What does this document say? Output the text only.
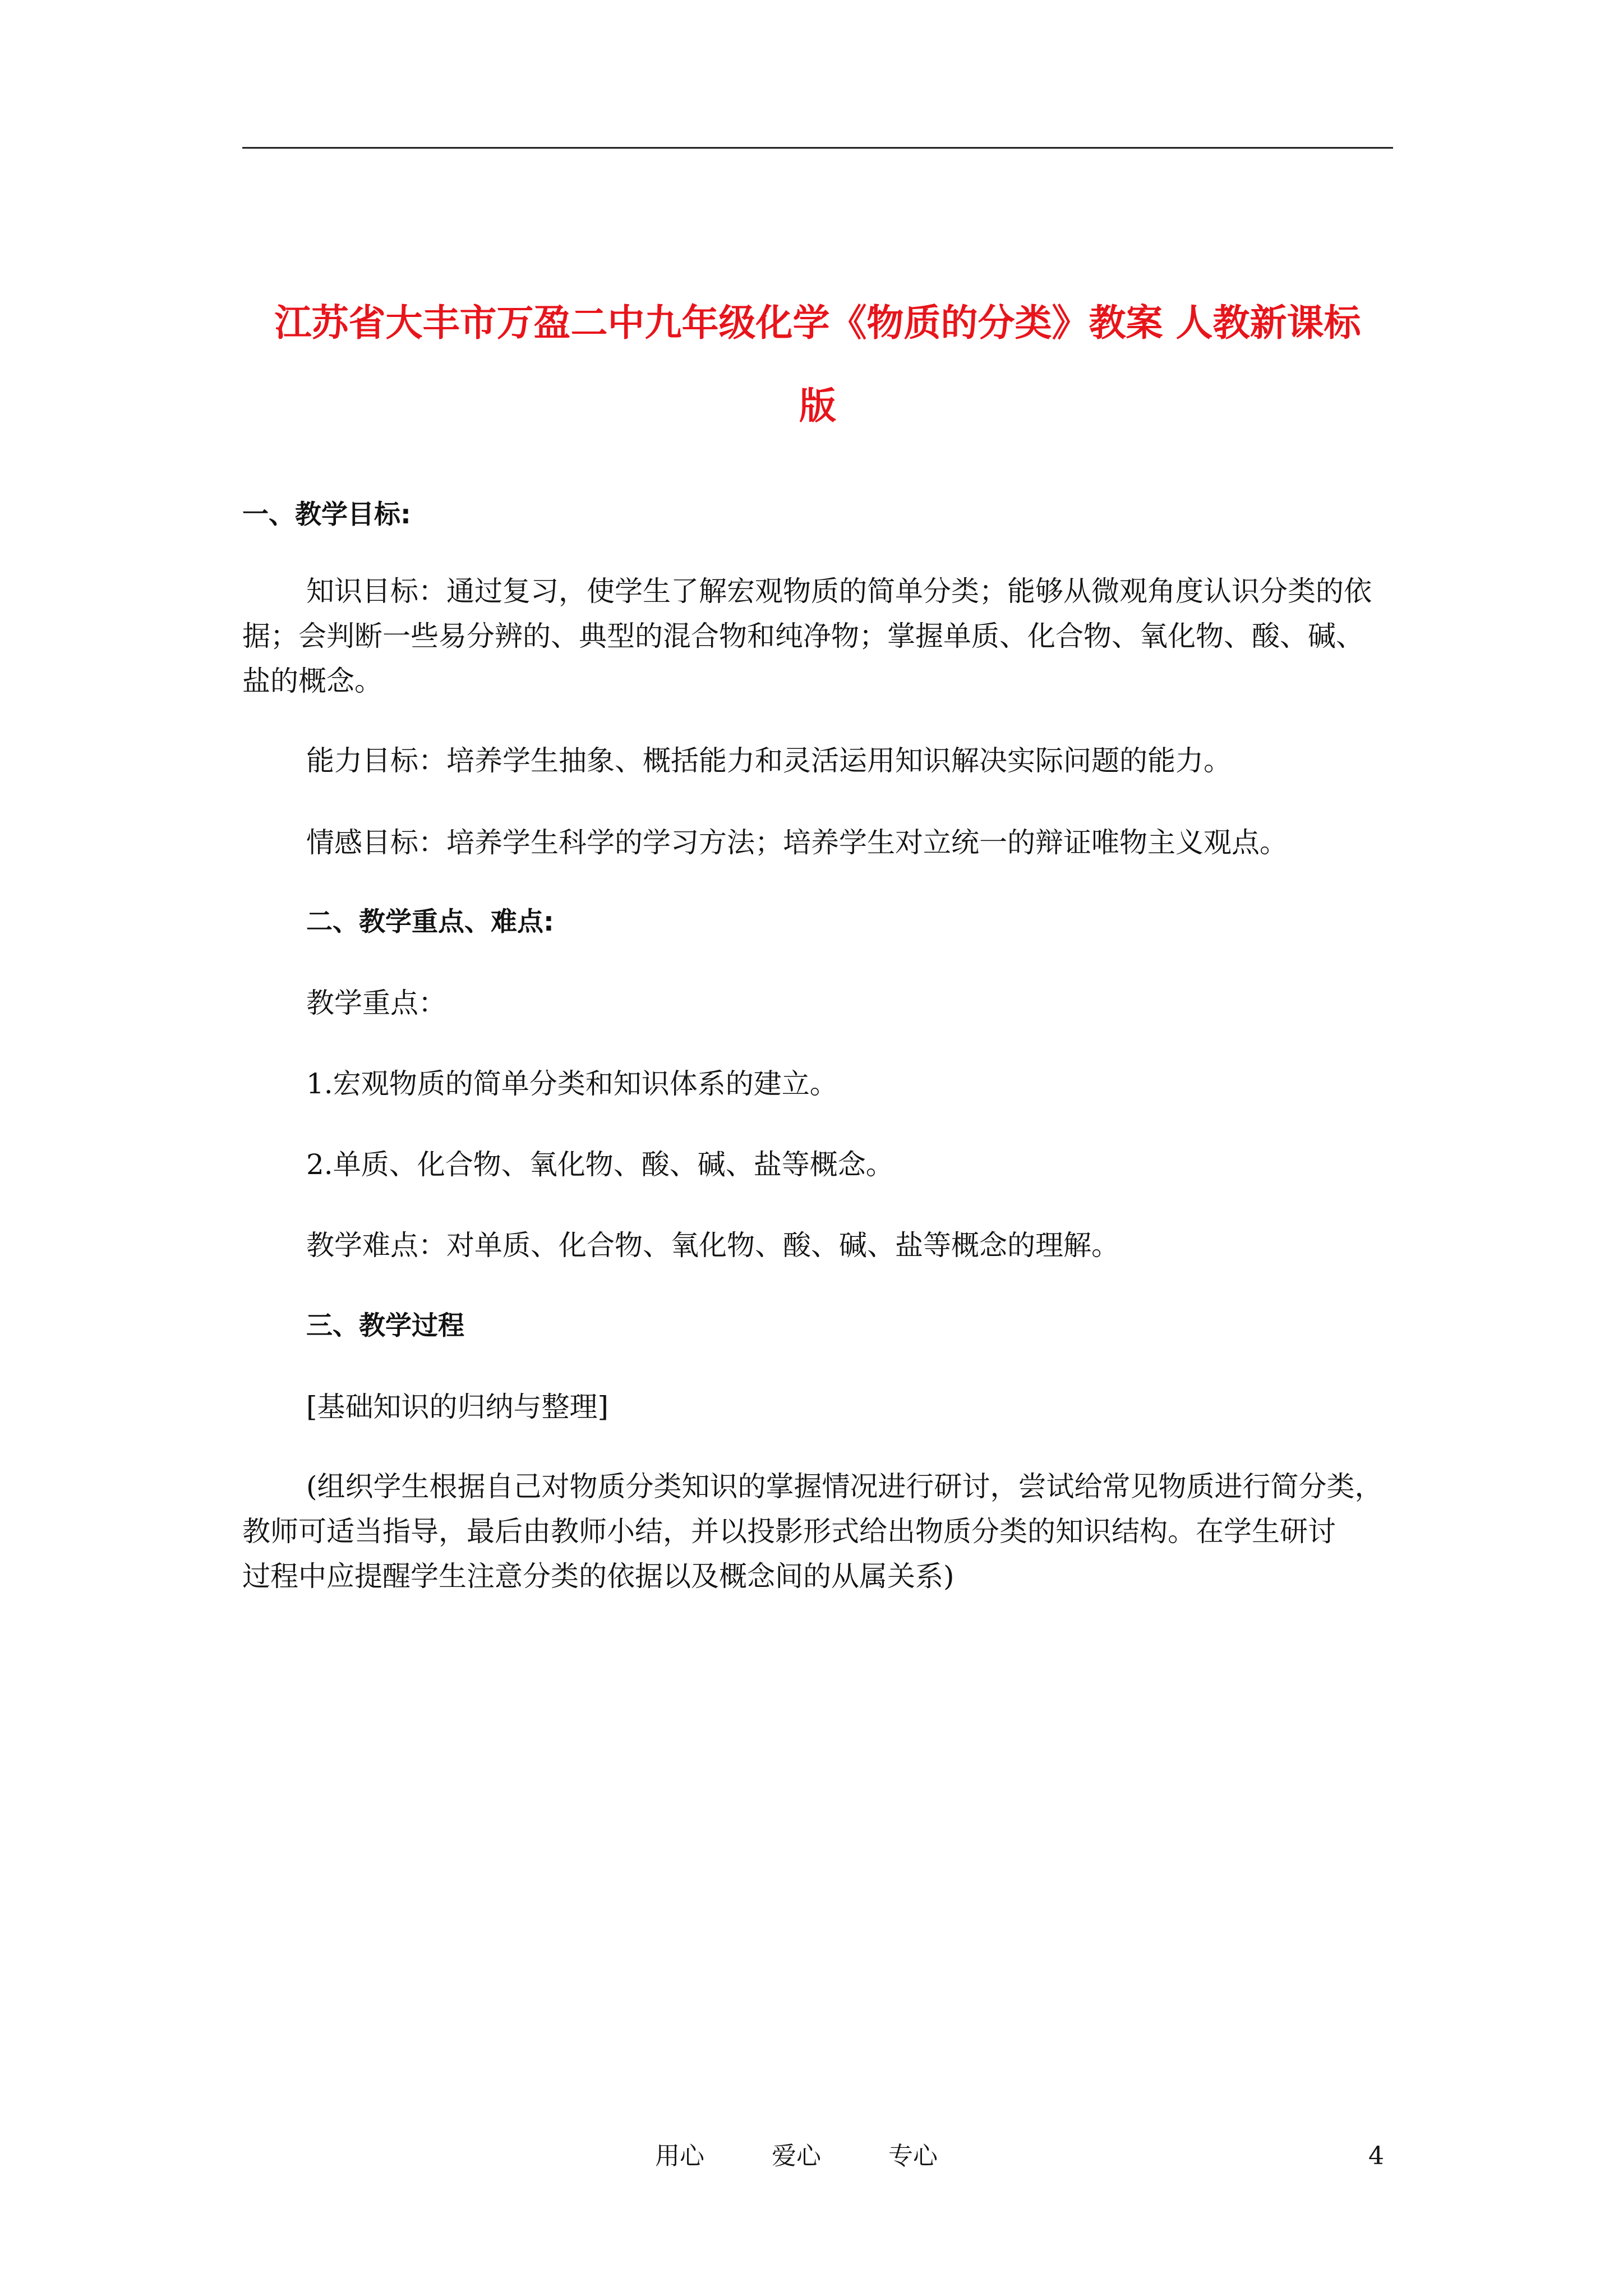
江苏省大丰市万盈二中九年级化学《物质的分类》教案 人教新课标
版
一、教学目标:
知识目标：通过复习，使学生了解宏观物质的简单分类；能够从微观角度认识分类的依
据；会判断一些易分辨的、典型的混合物和纯净物；掌握单质、化合物、氧化物、酸、碱、
盐的概念。
能力目标：培养学生抽象、概括能力和灵活运用知识解决实际问题的能力。
情感目标：培养学生科学的学习方法；培养学生对立统一的辩证唯物主义观点。
二、教学重点、难点:
教学重点：
1.宏观物质的简单分类和知识体系的建立。
2.单质、化合物、氧化物、酸、碱、盐等概念。
教学难点：对单质、化合物、氧化物、酸、碱、盐等概念的理解。
三、教学过程
[基础知识的归纳与整理]
(组织学生根据自己对物质分类知识的掌握情况进行研讨，尝试给常见物质进行简分类，
教师可适当指导，最后由教师小结，并以投影形式给出物质分类的知识结构。在学生研讨
过程中应提醒学生注意分类的依据以及概念间的从属关系)
用心	爱心	专心	4
